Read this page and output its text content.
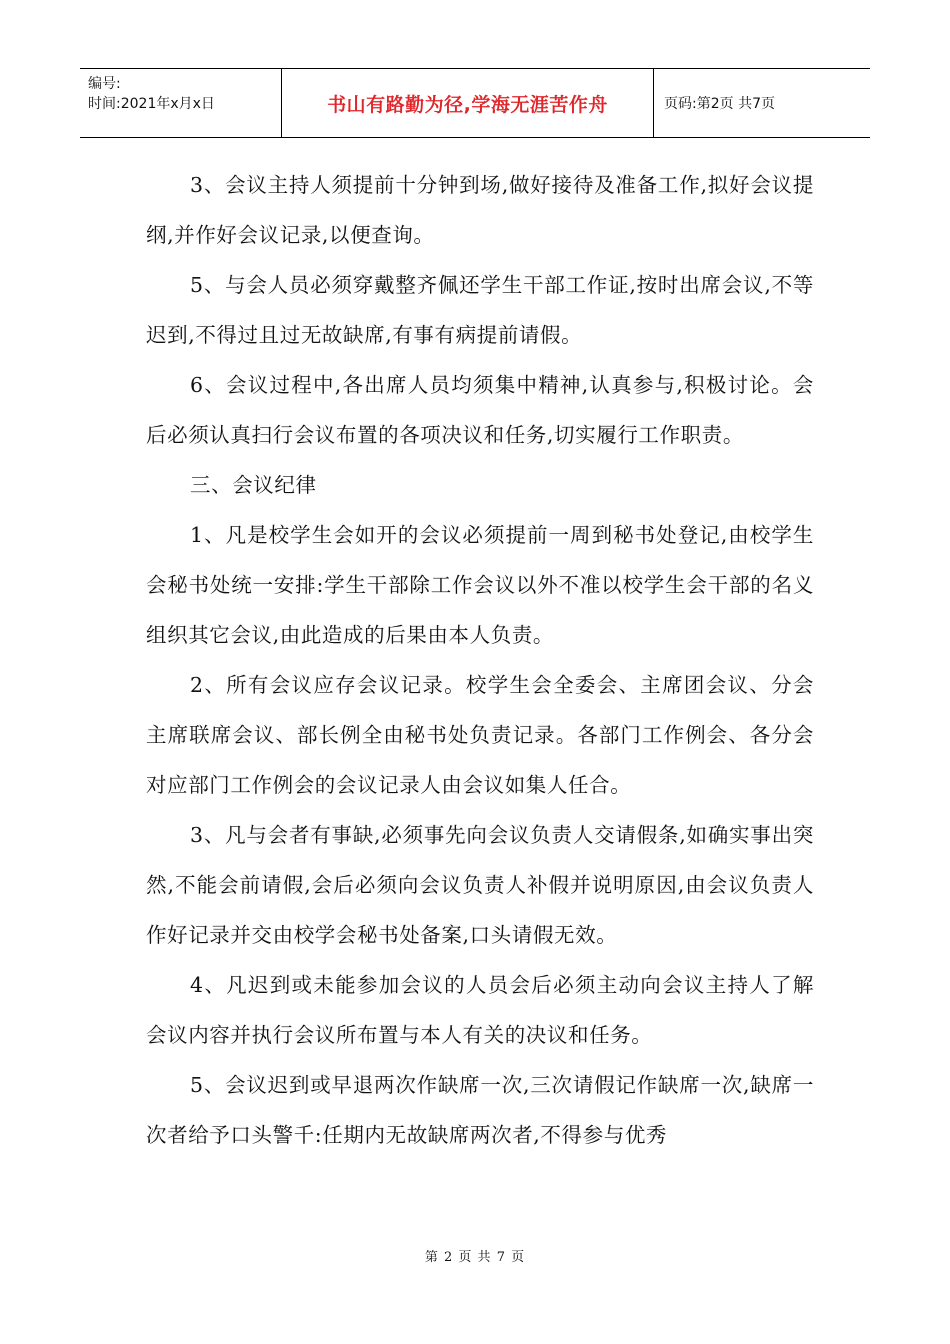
编号:
时间:2021年x月x日	书山有路勤为径,学海无涯苦作舟	页码:第2页 共7页

3、会议主持人须提前十分钟到场,做好接待及准备工作,拟好会议提纲,并作好会议记录,以便查询。

5、与会人员必须穿戴整齐佩还学生干部工作证,按时出席会议,不等迟到,不得过且过无故缺席,有事有病提前请假。

6、会议过程中,各出席人员均须集中精神,认真参与,积极讨论。会后必须认真扫行会议布置的各项决议和任务,切实履行工作职责。

三、会议纪律

1、凡是校学生会如开的会议必须提前一周到秘书处登记,由校学生会秘书处统一安排:学生干部除工作会议以外不准以校学生会干部的名义组织其它会议,由此造成的后果由本人负责。

2、所有会议应存会议记录。校学生会全委会、主席团会议、分会主席联席会议、部长例全由秘书处负责记录。各部门工作例会、各分会对应部门工作例会的会议记录人由会议如集人任合。

3、凡与会者有事缺,必须事先向会议负责人交请假条,如确实事出突然,不能会前请假,会后必须向会议负责人补假并说明原因,由会议负责人作好记录并交由校学会秘书处备案,口头请假无效。

4、凡迟到或未能参加会议的人员会后必须主动向会议主持人了解会议内容并执行会议所布置与本人有关的决议和任务。

5、会议迟到或早退两次作缺席一次,三次请假记作缺席一次,缺席一次者给予口头警千:任期内无故缺席两次者,不得参与优秀

第 2 页 共 7 页
